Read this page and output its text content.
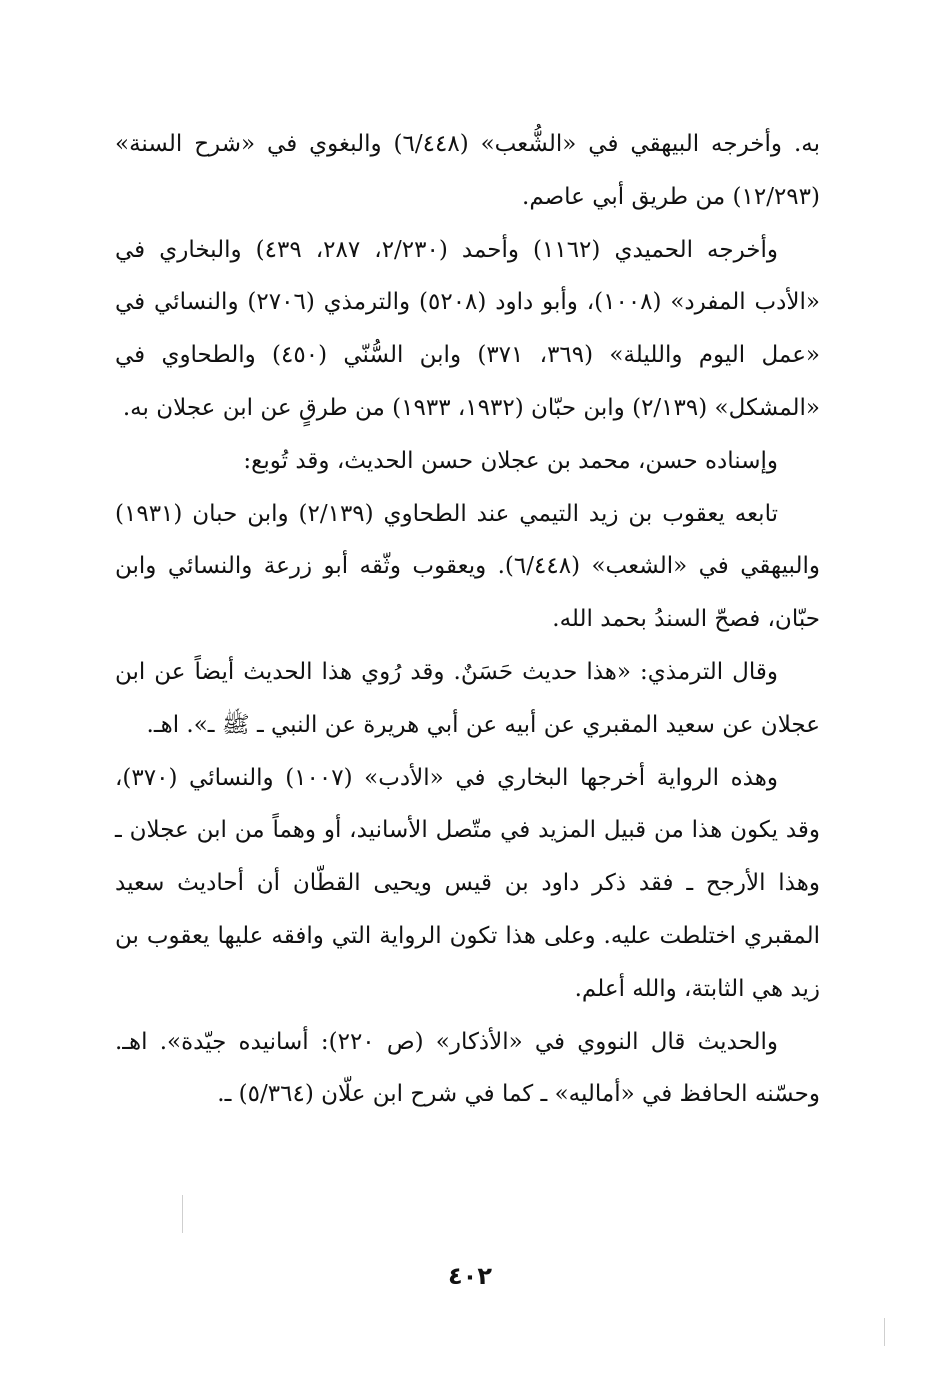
به. وأخرجه البيهقي في «الشُّعب» (٦/٤٤٨) والبغوي في «شرح السنة» (١٢/٢٩٣) من طريق أبي عاصم.

وأخرجه الحميدي (١١٦٢) وأحمد (٢/٢٣٠، ٢٨٧، ٤٣٩) والبخاري في «الأدب المفرد» (١٠٠٨)، وأبو داود (٥٢٠٨) والترمذي (٢٧٠٦) والنسائي في «عمل اليوم والليلة» (٣٦٩، ٣٧١) وابن السُّنّي (٤٥٠) والطحاوي في «المشكل» (٢/١٣٩) وابن حبّان (١٩٣٢، ١٩٣٣) من طرقٍ عن ابن عجلان به.

وإسناده حسن، محمد بن عجلان حسن الحديث، وقد تُوبع:

تابعه يعقوب بن زيد التيمي عند الطحاوي (٢/١٣٩) وابن حبان (١٩٣١) والبيهقي في «الشعب» (٦/٤٤٨). ويعقوب وثّقه أبو زرعة والنسائي وابن حبّان، فصحّ السندُ بحمد الله.

وقال الترمذي: «هذا حديث حَسَنٌ. وقد رُوي هذا الحديث أيضاً عن ابن عجلان عن سعيد المقبري عن أبيه عن أبي هريرة عن النبي ـ ﷺ ـ». اهـ.

وهذه الرواية أخرجها البخاري في «الأدب» (١٠٠٧) والنسائي (٣٧٠)، وقد يكون هذا من قبيل المزيد في متّصل الأسانيد، أو وهماً من ابن عجلان ـ وهذا الأرجح ـ فقد ذكر داود بن قيس ويحيى القطّان أن أحاديث سعيد المقبري اختلطت عليه. وعلى هذا تكون الرواية التي وافقه عليها يعقوب بن زيد هي الثابتة، والله أعلم.

والحديث قال النووي في «الأذكار» (ص ٢٢٠): أسانيده جيّدة». اهـ. وحسّنه الحافظ في «أماليه» ـ كما في شرح ابن علّان (٥/٣٦٤) ـ.

٤٠٢
